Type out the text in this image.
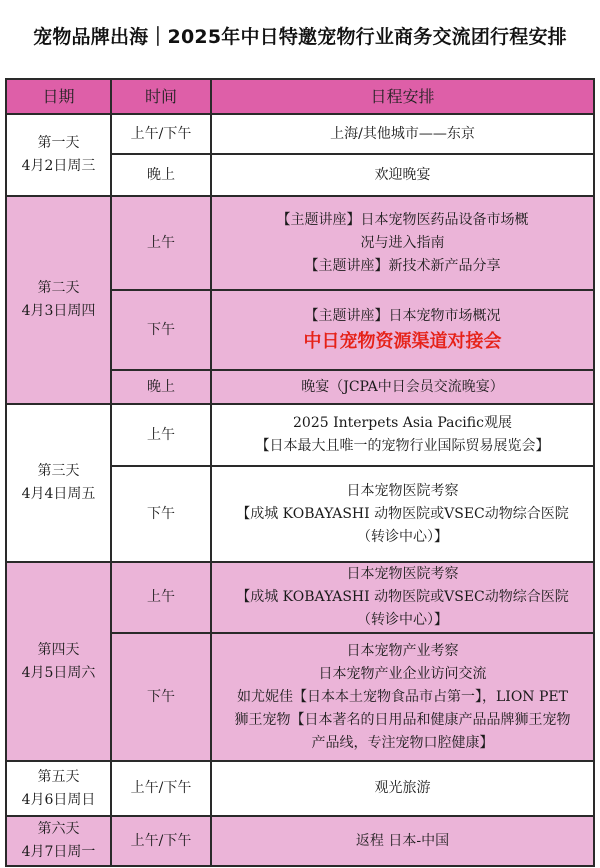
宠物品牌出海｜2025年中日特邀宠物行业商务交流团行程安排
日期	时间	日程安排

第一天
4月2日周三	上午/下午	上海/其他城市——东京

	晚上	欢迎晚宴

第二天
4月3日周四	上午	【主题讲座】日本宠物医药品设备市场概
况与进入指南
【主题讲座】新技术新产品分享

	下午	【主题讲座】日本宠物市场概况
中日宠物资源渠道对接会

	晚上	晚宴（JCPA中日会员交流晚宴）

第三天
4月4日周五	上午	2025 Interpets Asia Pacific观展
【日本最大且唯一的宠物行业国际贸易展览会】

	下午	日本宠物医院考察
【成城 KOBAYASHI 动物医院或VSEC动物综合医院
（转诊中心）】

第四天
4月5日周六	上午	日本宠物医院考察
【成城 KOBAYASHI 动物医院或VSEC动物综合医院
（转诊中心）】

	下午	日本宠物产业考察
日本宠物产业企业访问交流
如尤妮佳【日本本土宠物食品市占第一】，LION PET
狮王宠物【日本著名的日用品和健康产品品牌狮王宠物
产品线，专注宠物口腔健康】

第五天
4月6日周日	上午/下午	观光旅游

第六天
4月7日周一	上午/下午	返程 日本-中国
